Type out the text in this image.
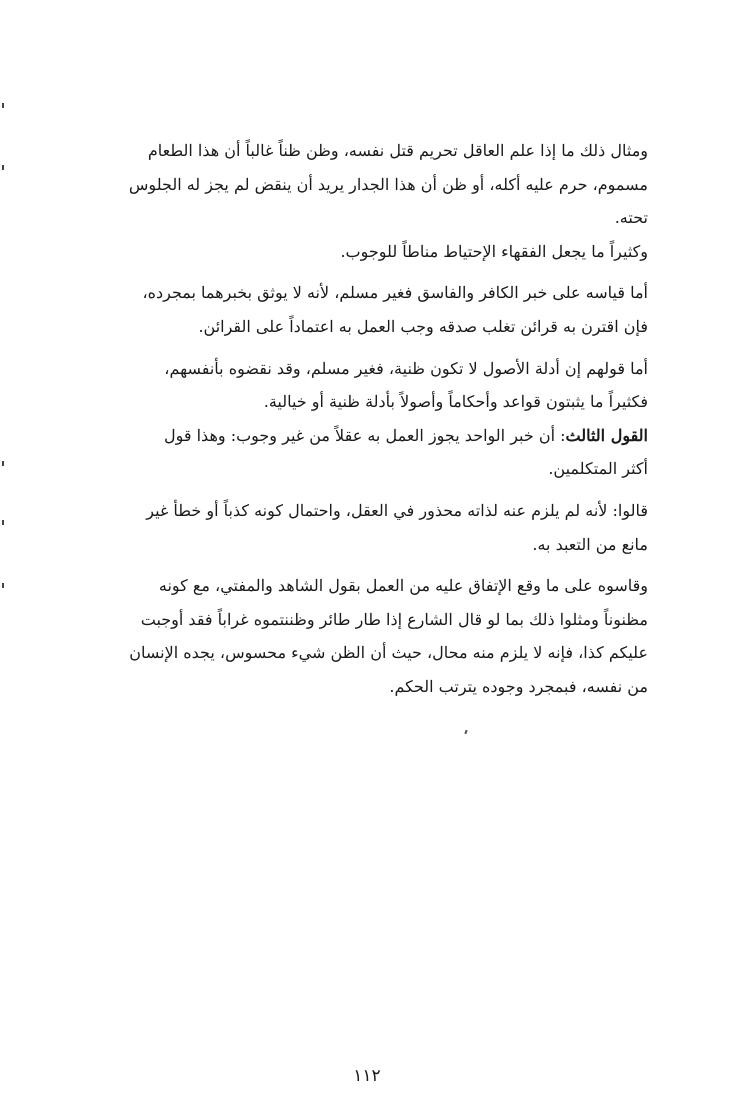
ومثال ذلك ما إذا علم العاقل تحريم قتل نفسه، وظن ظناً غالباً أن هذا الطعام
مسموم، حرم عليه أكله، أو ظن أن هذا الجدار يريد أن ينقض لم يجز له الجلوس
تحته.
وكثيراً ما يجعل الفقهاء الإحتياط مناطاً للوجوب.
أما قياسه على خبر الكافر والفاسق فغير مسلم، لأنه لا يوثق بخبرهما بمجرده،
فإن اقترن به قرائن تغلب صدقه وجب العمل به اعتماداً على القرائن.
أما قولهم إن أدلة الأصول لا تكون ظنية، فغير مسلم، وقد نقضوه بأنفسهم،
فكثيراً ما يثبتون قواعد وأحكاماً وأصولاً بأدلة ظنية أو خيالية.
القول الثالث: أن خبر الواحد يجوز العمل به عقلاً من غير وجوب: وهذا قول
أكثر المتكلمين.
قالوا: لأنه لم يلزم عنه لذاته محذور في العقل، واحتمال كونه كذباً أو خطأ غير
مانع من التعبد به.
وقاسوه على ما وقع الإتفاق عليه من العمل بقول الشاهد والمفتي، مع كونه
مظنوناً ومثلوا ذلك بما لو قال الشارع إذا طار طائر وظننتموه غراباً فقد أوجبت
عليكم كذا، فإنه لا يلزم منه محال، حيث أن الظن شيء محسوس، يجده الإنسان
من نفسه، فبمجرد وجوده يترتب الحكم.
١١٢
